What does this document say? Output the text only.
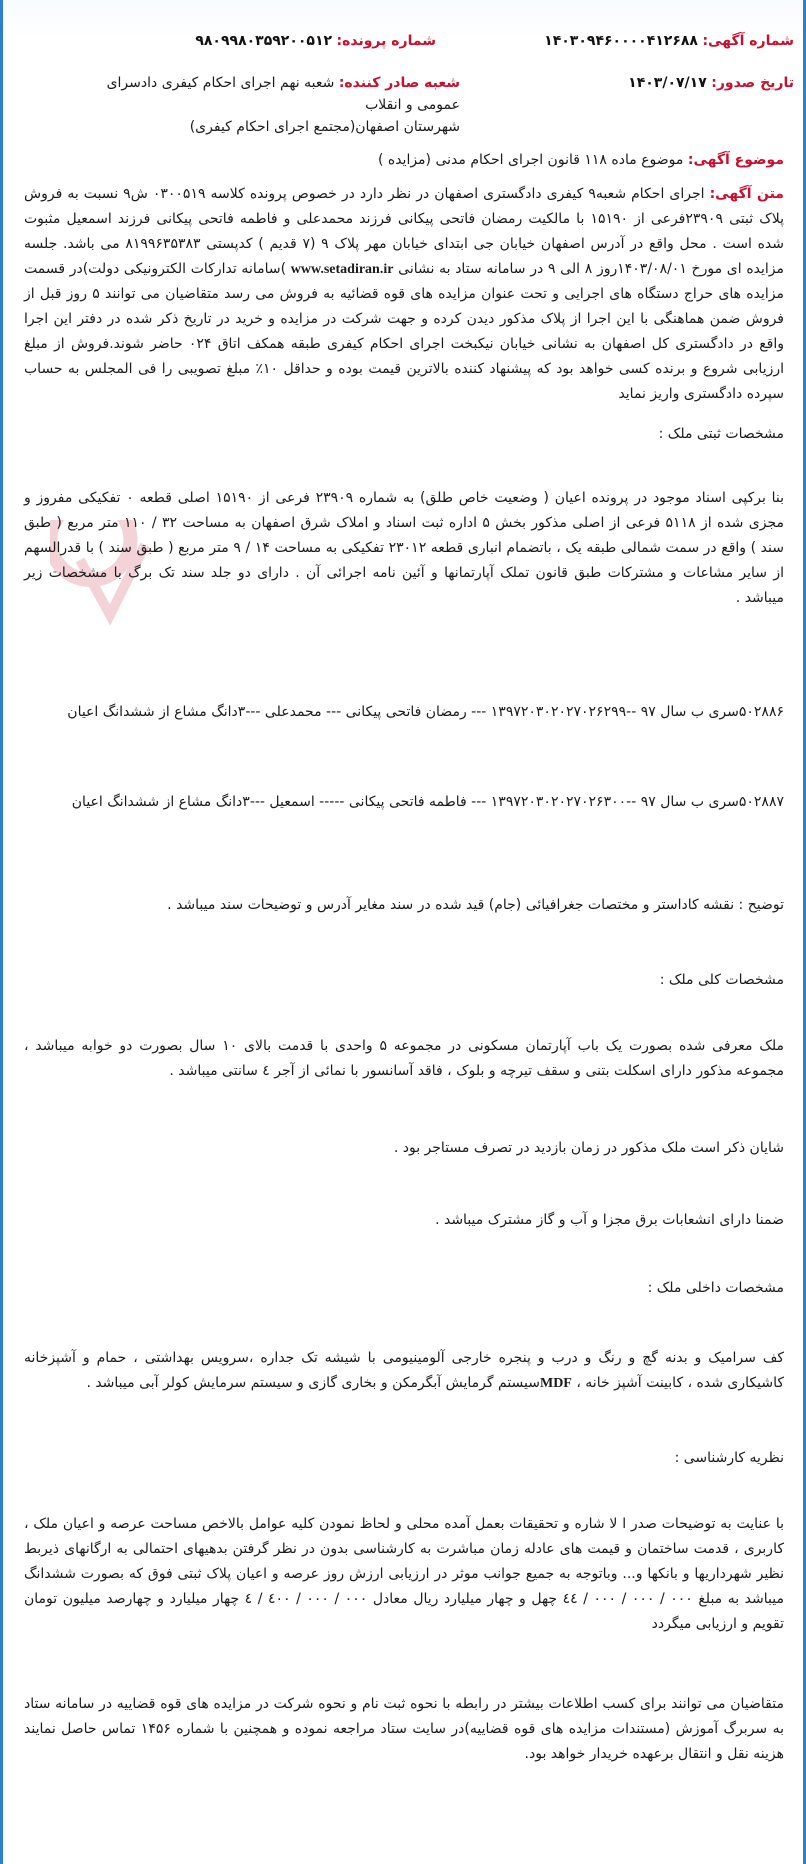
شماره آگهی: ۱۴۰۳۰۹۴۶۰۰۰۰۴۱۲۶۸۸
شماره پرونده: ۹۸۰۹۹۸۰۳۵۹۲۰۰۵۱۲
تاریخ صدور: ۱۴۰۳/۰۷/۱۷
شعبه صادر کننده: شعبه نهم اجرای احکام کیفری دادسرای عمومی و انقلاب
شهرستان اصفهان(مجتمع اجرای احکام کیفری)
موضوع آگهی: موضوع ماده ۱۱۸ قانون اجرای احکام مدنی (مزایده )

متن آگهی: اجرای احکام شعبه۹ کیفری دادگستری اصفهان در نظر دارد در خصوص پرونده کلاسه ۰۳۰۰۵۱۹ ش۹ نسبت به فروش پلاک ثبتی ۲۳۹۰۹فرعی از ۱۵۱۹۰ با مالکیت رمضان فاتحی پیکانی فرزند محمدعلی و فاطمه فاتحی پیکانی فرزند اسمعیل مثبوت شده است . محل واقع در آدرس اصفهان خیابان جی ابتدای خیابان مهر پلاک ۹ (۷ قدیم ) کدپستی ۸۱۹۹۶۳۵۳۸۳ می باشد. جلسه مزایده ای مورخ ۱۴۰۳/۰۸/۰۱روز ۸ الی ۹ در سامانه ستاد به نشانی www.setadiran.ir )سامانه تدارکات الکترونیکی دولت)در قسمت مزایده های حراج دستگاه های اجرایی و تحت عنوان مزایده های قوه قضائیه به فروش می رسد متقاضیان می توانند ۵ روز قبل از فروش ضمن هماهنگی با این اجرا از پلاک مذکور دیدن کرده و جهت شرکت در مزایده و خرید در تاریخ ذکر شده در دفتر این اجرا واقع در دادگستری کل اصفهان به نشانی خیابان نیکبخت اجرای احکام کیفری طبقه همکف اتاق ۰۲۴ حاضر شوند.فروش از مبلغ ارزیابی شروع و برنده کسی خواهد بود که پیشنهاد کننده بالاترین قیمت بوده و حداقل ۱۰٪ مبلغ تصویبی را فی المجلس به حساب سپرده دادگستری واریز نماید

مشخصات ثبتی ملک :

بنا برکپی اسناد موجود در پرونده اعیان ( وضعیت خاص طلق) به شماره ۲۳۹۰۹ فرعی از ۱۵۱۹۰ اصلی قطعه ۰ تفکیکی مفروز و مجزی شده از ۵۱۱۸ فرعی از اصلی مذکور بخش ۵ اداره ثبت اسناد و املاک شرق اصفهان به مساحت ۳۲ / ۱۱۰ متر مربع ( طبق سند ) واقع در سمت شمالی طبقه یک ، باتضمام انباری قطعه ۲۳۰۱۲ تفکیکی به مساحت ۱۴ / ۹ متر مربع ( طبق سند ) با قدرالسهم از سایر مشاعات و مشترکات طبق قانون تملک آپارتمانها و آئین نامه اجرائی آن . دارای دو جلد سند تک برگ با مشخصات زیر میباشد .

۵۰۲۸۸۶سری ب سال ۹۷ --۱۳۹۷۲۰۳۰۲۰۲۷۰۲۶۲۹۹ --- رمضان فاتحی پیکانی --- محمدعلی ---۳دانگ مشاع از ششدانگ اعیان

۵۰۲۸۸۷سری ب سال ۹۷ --۱۳۹۷۲۰۳۰۲۰۲۷۰۲۶۳۰۰ --- فاطمه فاتحی پیکانی ----- اسمعیل ---۳دانگ مشاع از ششدانگ اعیان

توضیح : نقشه کاداستر و مختصات جغرافیائی (جام) قید شده در سند مغایر آدرس و توضیحات سند میباشد .

مشخصات کلی ملک :

ملک معرفی شده بصورت یک باب آپارتمان مسکونی در مجموعه ۵ واحدی با قدمت بالای ۱۰ سال بصورت دو خوابه میباشد ، مجموعه مذکور دارای اسکلت بتنی و سقف تیرچه و بلوک ، فاقد آسانسور با نمائی از آجر ٤ سانتی میباشد .

شایان ذکر است ملک مذکور در زمان بازدید در تصرف مستاجر بود .

ضمنا دارای انشعابات برق مجزا و آب و گاز مشترک میباشد .

مشخصات داخلی ملک :

کف سرامیک و بدنه گچ و رنگ و درب و پنجره خارجی آلومینیومی با شیشه تک جداره ،سرویس بهداشتی ، حمام و آشپزخانه کاشیکاری شده ، کابینت آشپز خانه ، MDFسیستم گرمایش آبگرمکن و بخاری گازی و سیستم سرمایش کولر آبی میباشد .

نظریه کارشناسی :

با عنایت به توضیحات صدر ا لا شاره و تحقیقات بعمل آمده محلی و لحاظ نمودن کلیه عوامل بالاخص مساحت عرصه و اعیان ملک ، کاربری ، قدمت ساختمان و قیمت های عادله زمان مباشرت به کارشناسی بدون در نظر گرفتن بدهیهای احتمالی به ارگانهای ذیربط نظیر شهرداریها و بانکها و... وباتوجه به جمیع جوانب موثر در ارزیابی ارزش روز عرصه و اعیان پلاک ثبتی فوق که بصورت ششدانگ میباشد به مبلغ ۰۰۰ / ۰۰۰ / ۰۰۰ / ٤٤ چهل و چهار میلیارد ریال معادل ۰۰۰ / ۰۰۰ / ٤٠٠ / ٤ چهار میلیارد و چهارصد میلیون تومان تقویم و ارزیابی میگردد

متقاضیان می توانند برای کسب اطلاعات بیشتر در رابطه با نحوه ثبت نام و نحوه شرکت در مزایده های قوه قضاییه در سامانه ستاد به سربرگ آموزش (مستندات مزایده های قوه قضاییه)در سایت ستاد مراجعه نموده و همچنین با شماره ۱۴۵۶ تماس حاصل نمایند هزینه نقل و انتقال برعهده خریدار خواهد بود.
